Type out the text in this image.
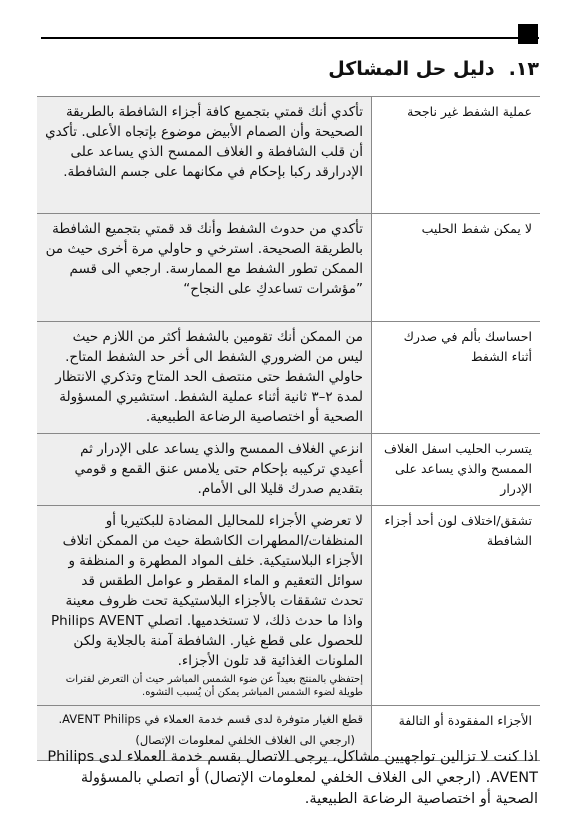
١٣.دليل حل المشاكل
عملية الشفط غير ناجحة	تأكدي أنك قمتي بتجميع كافة أجزاء الشافطة بالطريقة الصحيحة وأن الصمام الأبيض موضوع بإتجاه الأعلى. تأكدي أن قلب الشافطة و الغلاف الممسح الذي يساعد على الإدرارقد ركبا بإحكام في مكانهما على جسم الشافطة.
لا يمكن شفط الحليب	تأكدي من حدوث الشفط وأنك قد قمتي بتجميع الشافطة بالطريقة الصحيحة. استرخي و حاولي مرة أخرى حيث من الممكن تطور الشفط مع الممارسة. ارجعي الى قسم ”مؤشرات تساعدكِ على النجاح“
احساسك بألم في صدرك أثناء الشفط	من الممكن أنك تقومين بالشفط أكثر من اللازم حيث ليس من الضروري الشفط الى أخر حد الشفط المتاح. حاولي الشفط حتى منتصف الحد المتاح وتذكري الانتظار لمدة ٢–٣ ثانية أثناء عملية الشفط. استشيري المسؤولة الصحية أو اختصاصية الرضاعة الطبيعية.
يتسرب الحليب اسفل الغلاف الممسح والذي يساعد على الإدرار	انزعي الغلاف الممسح والذي يساعد على الإدرار ثم أعيدي تركيبه بإحكام حتى يلامس عنق القمع و قومي بتقديم صدرك قليلا الى الأمام.
تشقق/اختلاف لون أحد أجزاء الشافطة	لا تعرضي الأجزاء للمحاليل المضادة للبكتيريا أو المنظفات/المطهرات الكاشطة حيث من الممكن اتلاف الأجزاء البلاستيكية. خلف المواد المطهرة و المنظفة و سوائل التعقيم و الماء المقطر و عوامل الطقس قد تحدث تشققات بالأجزاء البلاستيكية تحت ظروف معينة واذا ما حدث ذلك، لا تستخدميها. اتصلي Philips AVENT للحصول على قطع غيار. الشافطة آمنة بالجلاية ولكن الملونات الغذائية قد تلون الأجزاء.
إحتفظي بالمنتج بعيداً عن ضوء الشمس المباشر حيث أن التعرض لفترات طويلة لضوء الشمس المباشر يمكن أن يُسبب التشوه.

الأجزاء المفقودة أو التالفة	قطع الغيار متوفرة لدى قسم خدمة العملاء في AVENT Philips.
(ارجعي الى الغلاف الخلفي لمعلومات الإتصال)
اذا كنت لا تزالين تواجهيين مشاكل، يرجى الاتصال بقسم خدمة العملاء لدى Philips AVENT. (ارجعي الى الغلاف الخلفي لمعلومات الإتصال) أو اتصلي بالمسؤولة الصحية أو اختصاصية الرضاعة الطبيعية.
